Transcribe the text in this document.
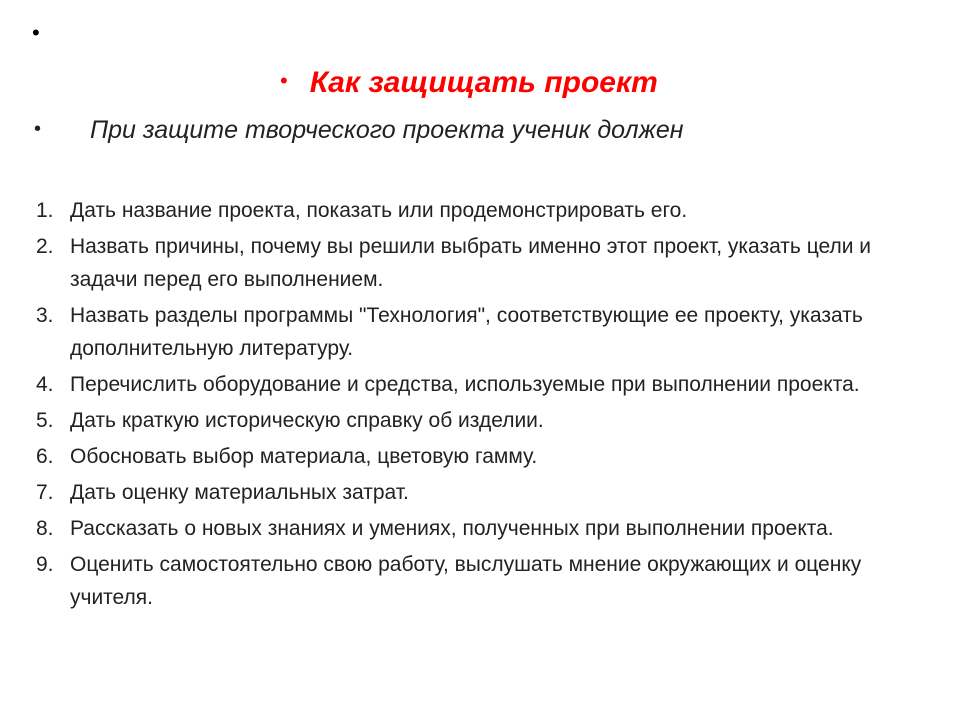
•
• Как защищать проект
•	При защите творческого проекта ученик должен
1. Дать название проекта, показать или продемонстрировать его.
2. Назвать причины, почему вы решили выбрать именно этот проект, указать цели и задачи перед его выполнением.
3. Назвать разделы программы "Технология", соответствующие ее проекту, указать дополнительную литературу.
4. Перечислить оборудование и средства, используемые при выполнении проекта.
5. Дать краткую историческую справку об изделии.
6. Обосновать выбор материала, цветовую гамму.
7. Дать оценку материальных затрат.
8. Рассказать о новых знаниях и умениях, полученных при выполнении проекта.
9. Оценить самостоятельно свою работу, выслушать мнение окружающих и оценку учителя.
